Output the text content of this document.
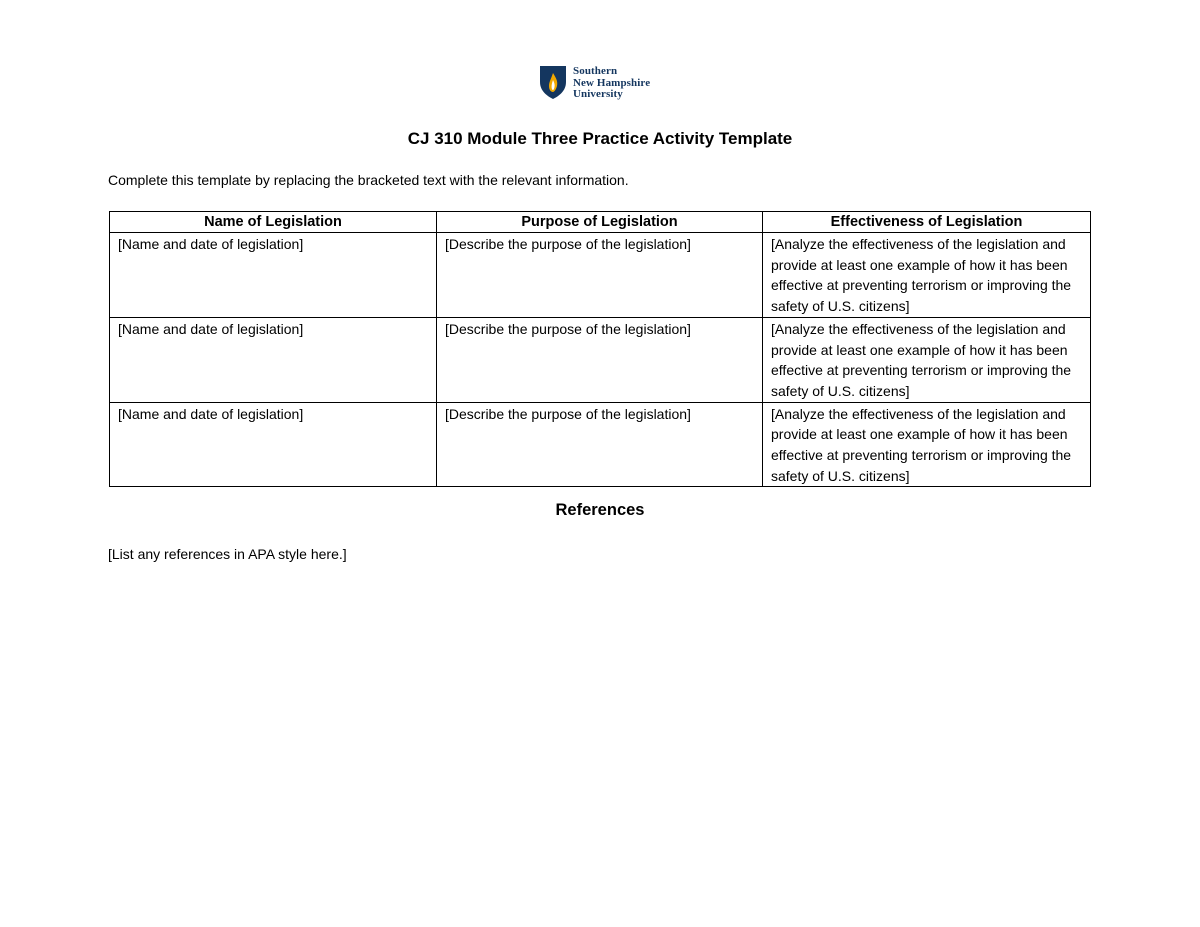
Southern
New Hampshire
University
CJ 310 Module Three Practice Activity Template
Complete this template by replacing the bracketed text with the relevant information.
Name of Legislation	Purpose of Legislation	Effectiveness of Legislation
[Name and date of legislation]	[Describe the purpose of the legislation]	[Analyze the effectiveness of the legislation and provide at least one example of how it has been effective at preventing terrorism or improving the safety of U.S. citizens]
[Name and date of legislation]	[Describe the purpose of the legislation]	[Analyze the effectiveness of the legislation and provide at least one example of how it has been effective at preventing terrorism or improving the safety of U.S. citizens]
[Name and date of legislation]	[Describe the purpose of the legislation]	[Analyze the effectiveness of the legislation and provide at least one example of how it has been effective at preventing terrorism or improving the safety of U.S. citizens]
References
[List any references in APA style here.]
